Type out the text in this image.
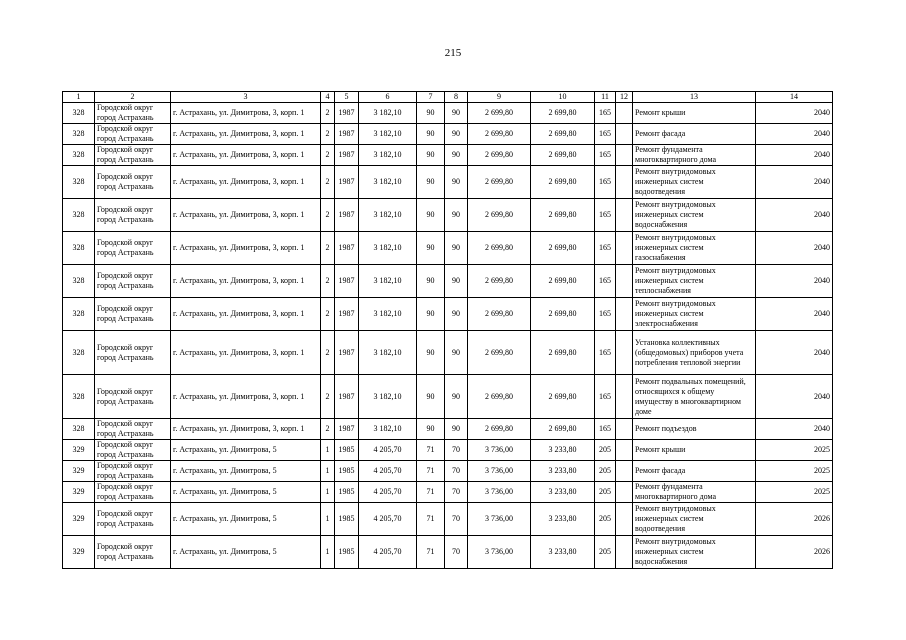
215
1	2	3	4	5	6	7	8	9	10	11	12	13	14
328	Городской округ город Астрахань	г. Астрахань, ул. Димитрова, 3, корп. 1	2	1987	3 182,10	90	90	2 699,80	2 699,80	165		Ремонт крыши	2040
328	Городской округ город Астрахань	г. Астрахань, ул. Димитрова, 3, корп. 1	2	1987	3 182,10	90	90	2 699,80	2 699,80	165		Ремонт фасада	2040
328	Городской округ город Астрахань	г. Астрахань, ул. Димитрова, 3, корп. 1	2	1987	3 182,10	90	90	2 699,80	2 699,80	165		Ремонт фундамента многоквартирного дома	2040
328	Городской округ город Астрахань	г. Астрахань, ул. Димитрова, 3, корп. 1	2	1987	3 182,10	90	90	2 699,80	2 699,80	165		Ремонт внутридомовых инженерных систем водоотведения	2040
328	Городской округ город Астрахань	г. Астрахань, ул. Димитрова, 3, корп. 1	2	1987	3 182,10	90	90	2 699,80	2 699,80	165		Ремонт внутридомовых инженерных систем водоснабжения	2040
328	Городской округ город Астрахань	г. Астрахань, ул. Димитрова, 3, корп. 1	2	1987	3 182,10	90	90	2 699,80	2 699,80	165		Ремонт внутридомовых инженерных систем газоснабжения	2040
328	Городской округ город Астрахань	г. Астрахань, ул. Димитрова, 3, корп. 1	2	1987	3 182,10	90	90	2 699,80	2 699,80	165		Ремонт внутридомовых инженерных систем теплоснабжения	2040
328	Городской округ город Астрахань	г. Астрахань, ул. Димитрова, 3, корп. 1	2	1987	3 182,10	90	90	2 699,80	2 699,80	165		Ремонт внутридомовых инженерных систем электроснабжения	2040
328	Городской округ город Астрахань	г. Астрахань, ул. Димитрова, 3, корп. 1	2	1987	3 182,10	90	90	2 699,80	2 699,80	165		Установка коллективных (общедомовых) приборов учета потребления тепловой энергии	2040
328	Городской округ город Астрахань	г. Астрахань, ул. Димитрова, 3, корп. 1	2	1987	3 182,10	90	90	2 699,80	2 699,80	165		Ремонт подвальных помещений, относящихся к общему имуществу в многоквартирном доме	2040
328	Городской округ город Астрахань	г. Астрахань, ул. Димитрова, 3, корп. 1	2	1987	3 182,10	90	90	2 699,80	2 699,80	165		Ремонт подъездов	2040
329	Городской округ город Астрахань	г. Астрахань, ул. Димитрова, 5	1	1985	4 205,70	71	70	3 736,00	3 233,80	205		Ремонт крыши	2025
329	Городской округ город Астрахань	г. Астрахань, ул. Димитрова, 5	1	1985	4 205,70	71	70	3 736,00	3 233,80	205		Ремонт фасада	2025
329	Городской округ город Астрахань	г. Астрахань, ул. Димитрова, 5	1	1985	4 205,70	71	70	3 736,00	3 233,80	205		Ремонт фундамента многоквартирного дома	2025
329	Городской округ город Астрахань	г. Астрахань, ул. Димитрова, 5	1	1985	4 205,70	71	70	3 736,00	3 233,80	205		Ремонт внутридомовых инженерных систем водоотведения	2026
329	Городской округ город Астрахань	г. Астрахань, ул. Димитрова, 5	1	1985	4 205,70	71	70	3 736,00	3 233,80	205		Ремонт внутридомовых инженерных систем водоснабжения	2026
